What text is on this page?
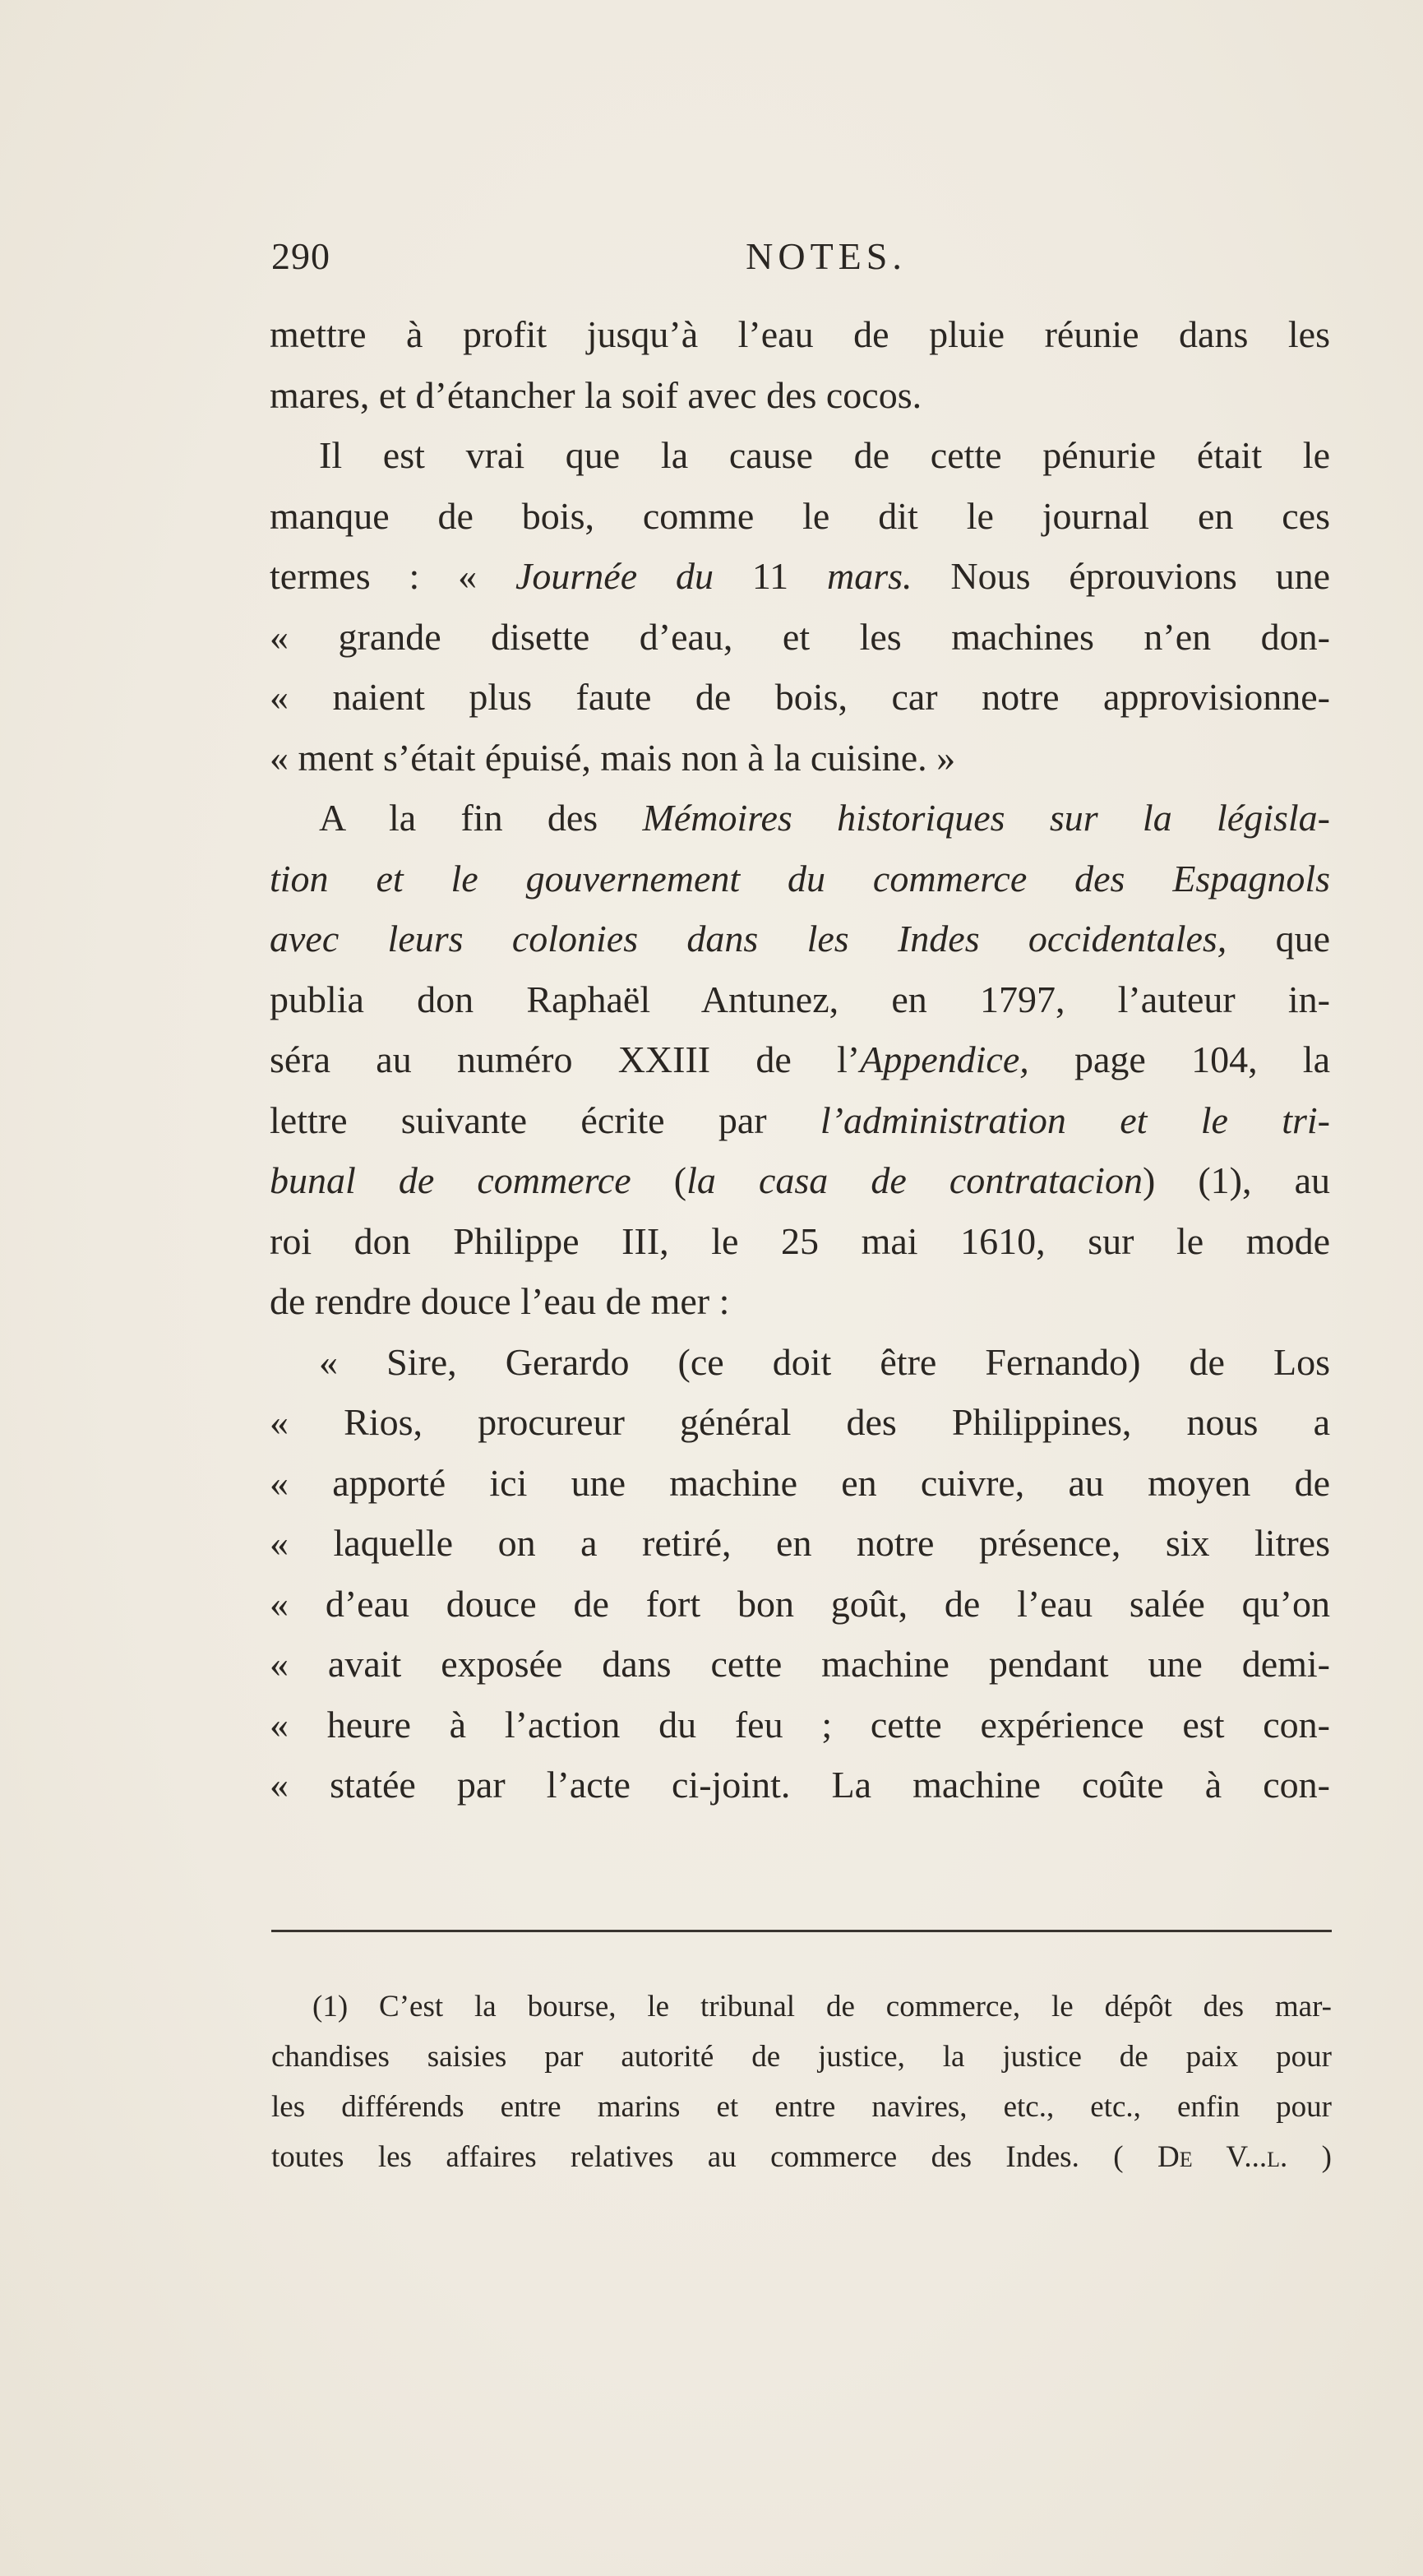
290	NOTES.
mettre à profit jusqu’à l’eau de pluie réunie dans les
mares, et d’étancher la soif avec des cocos.
Il est vrai que la cause de cette pénurie était le
manque de bois, comme le dit le journal en ces
termes : « Journée du 11 mars. Nous éprouvions une
« grande disette d’eau, et les machines n’en don-
« naient plus faute de bois, car notre approvisionne-
« ment s’était épuisé, mais non à la cuisine. »
A la fin des Mémoires historiques sur la législa-
tion et le gouvernement du commerce des Espagnols
avec leurs colonies dans les Indes occidentales, que
publia don Raphaël Antunez, en 1797, l’auteur in-
séra au numéro XXIII de l’Appendice, page 104, la
lettre suivante écrite par l’administration et le tri-
bunal de commerce (la casa de contratacion) (1), au
roi don Philippe III, le 25 mai 1610, sur le mode
de rendre douce l’eau de mer :
« Sire, Gerardo (ce doit être Fernando) de Los
« Rios, procureur général des Philippines, nous a
« apporté ici une machine en cuivre, au moyen de
« laquelle on a retiré, en notre présence, six litres
« d’eau douce de fort bon goût, de l’eau salée qu’on
« avait exposée dans cette machine pendant une demi-
« heure à l’action du feu ; cette expérience est con-
« statée par l’acte ci-joint. La machine coûte à con-
(1) C’est la bourse, le tribunal de commerce, le dépôt des mar-
chandises saisies par autorité de justice, la justice de paix pour
les différends entre marins et entre navires, etc., etc., enfin pour
toutes les affaires relatives au commerce des Indes. ( De V...l. )
